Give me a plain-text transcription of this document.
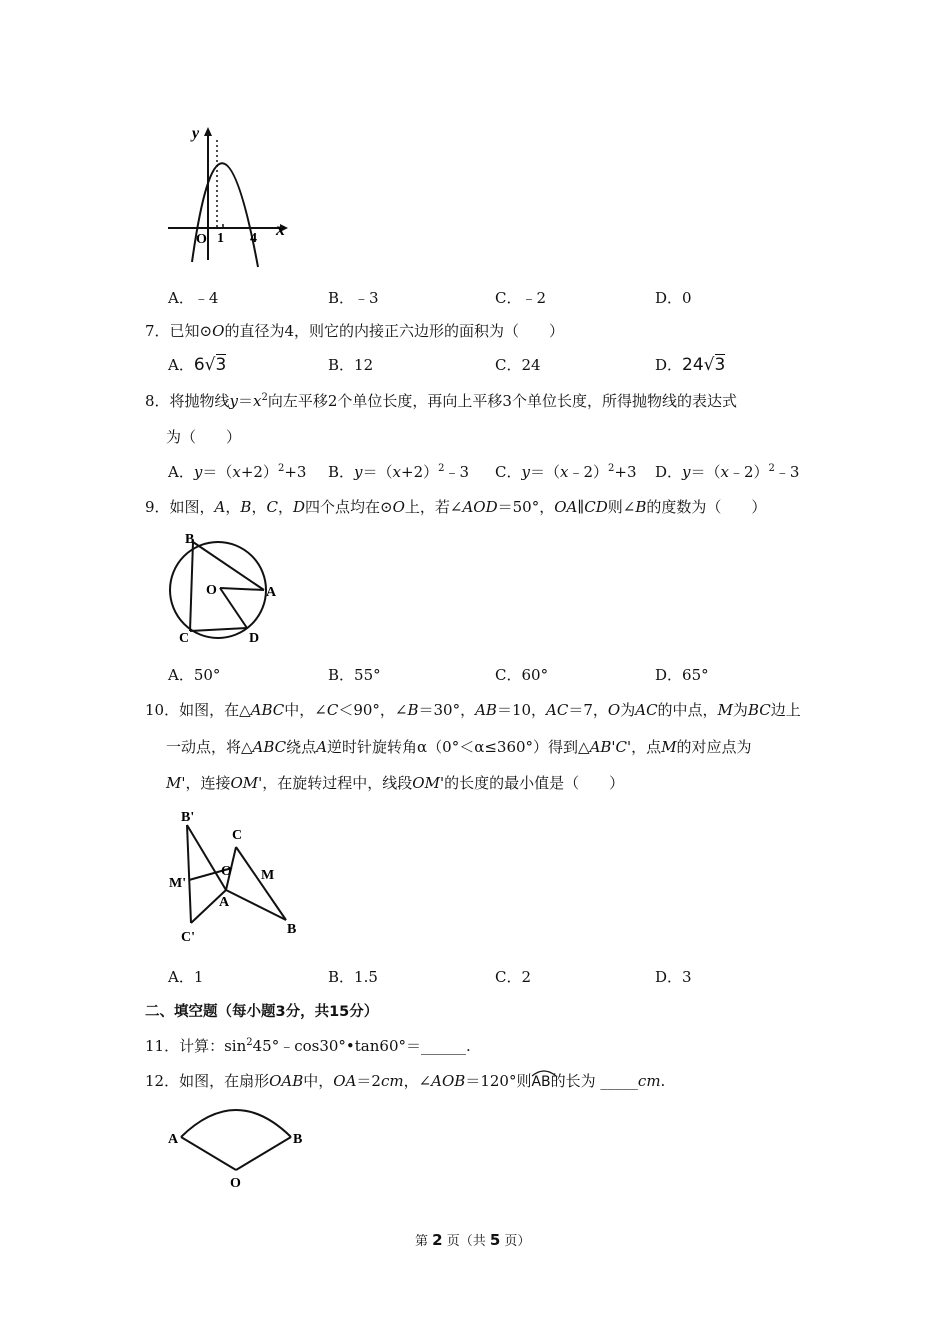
y
x
O 1 4
A．﹣4	B．﹣3	C．﹣2	D．0
7．已知⊙O的直径为4，则它的内接正六边形的面积为（　　）
A．6√3	B．12	C．24	D．24√3
8．将抛物线$y=x^2$向左平移2个单位长度，再向上平移3个单位长度，所得抛物线的表达式
为（　　）
A．$y=(x+2)^2+3$ B．$y=(x+2)^2﹣3$ C．y＝（x﹣2）$^2$+3 D．y＝（x﹣2）$^2$﹣3
9．如图，A，B，C，D四个点均在⊙O上，若∠AOD＝50°，OA∥CD则∠B的度数为（　　）
B
O	A
C	D
A．50°	B．55°	C．60°	D．65°
10．如图，在△ABC中，∠C＜90°，∠B＝30°，AB＝10，AC＝7，O为AC的中点，M为BC边上
一动点，将△ABC绕点A逆时针旋转角α（0°＜α≤360°）得到△AB'C'，点M的对应点为
M'，连接OM'，在旋转过程中，线段OM'的长度的最小值是（　　）
B'
C
M'
O M
A
C'
B
A．1	B．1.5	C．2	D．3
二、填空题（每小题3分，共15分）
11．计算：$\sin^245^\circ﹣\cos 30^\circ•\tan 60^\circ=\_\_\_\_\_\_$.
12．如图，在扇形OAB中，OA＝2cm，∠AOB＝120°则
AB的长为 _____cm.
A	B
O
第 2 页（共 5 页）
